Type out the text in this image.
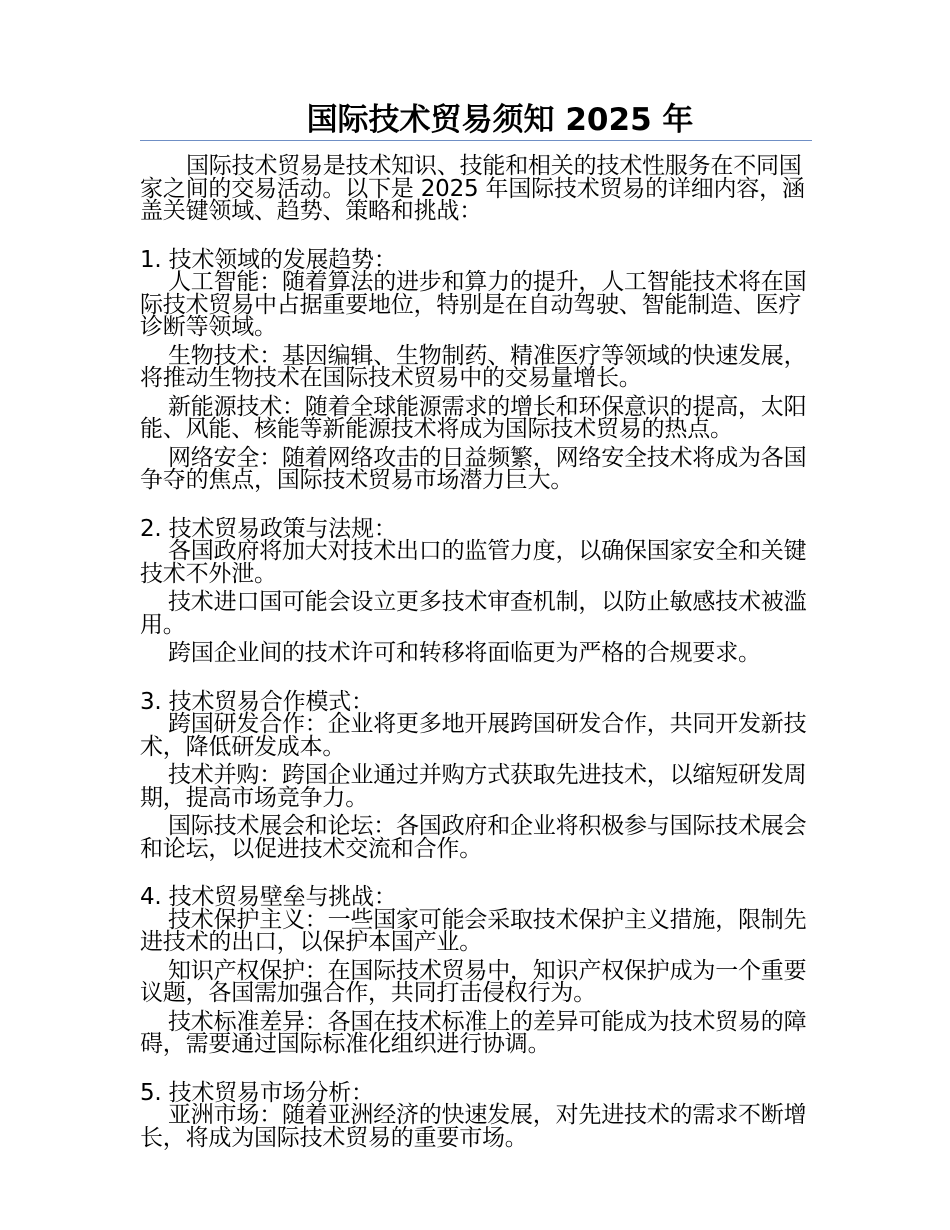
国际技术贸易须知 2025 年

国际技术贸易是技术知识、技能和相关的技术性服务在不同国家之间的交易活动。以下是 2025 年国际技术贸易的详细内容，涵盖关键领域、趋势、策略和挑战：

1. 技术领域的发展趋势：

人工智能：随着算法的进步和算力的提升，人工智能技术将在国际技术贸易中占据重要地位，特别是在自动驾驶、智能制造、医疗诊断等领域。

生物技术：基因编辑、生物制药、精准医疗等领域的快速发展，将推动生物技术在国际技术贸易中的交易量增长。

新能源技术：随着全球能源需求的增长和环保意识的提高，太阳能、风能、核能等新能源技术将成为国际技术贸易的热点。

网络安全：随着网络攻击的日益频繁，网络安全技术将成为各国争夺的焦点，国际技术贸易市场潜力巨大。

2. 技术贸易政策与法规：

各国政府将加大对技术出口的监管力度，以确保国家安全和关键技术不外泄。

技术进口国可能会设立更多技术审查机制，以防止敏感技术被滥用。

跨国企业间的技术许可和转移将面临更为严格的合规要求。

3. 技术贸易合作模式：

跨国研发合作：企业将更多地开展跨国研发合作，共同开发新技术，降低研发成本。

技术并购：跨国企业通过并购方式获取先进技术，以缩短研发周期，提高市场竞争力。

国际技术展会和论坛：各国政府和企业将积极参与国际技术展会和论坛，以促进技术交流和合作。

4. 技术贸易壁垒与挑战：

技术保护主义：一些国家可能会采取技术保护主义措施，限制先进技术的出口，以保护本国产业。

知识产权保护：在国际技术贸易中，知识产权保护成为一个重要议题，各国需加强合作，共同打击侵权行为。

技术标准差异：各国在技术标准上的差异可能成为技术贸易的障碍，需要通过国际标准化组织进行协调。

5. 技术贸易市场分析：

亚洲市场：随着亚洲经济的快速发展，对先进技术的需求不断增长，将成为国际技术贸易的重要市场。
